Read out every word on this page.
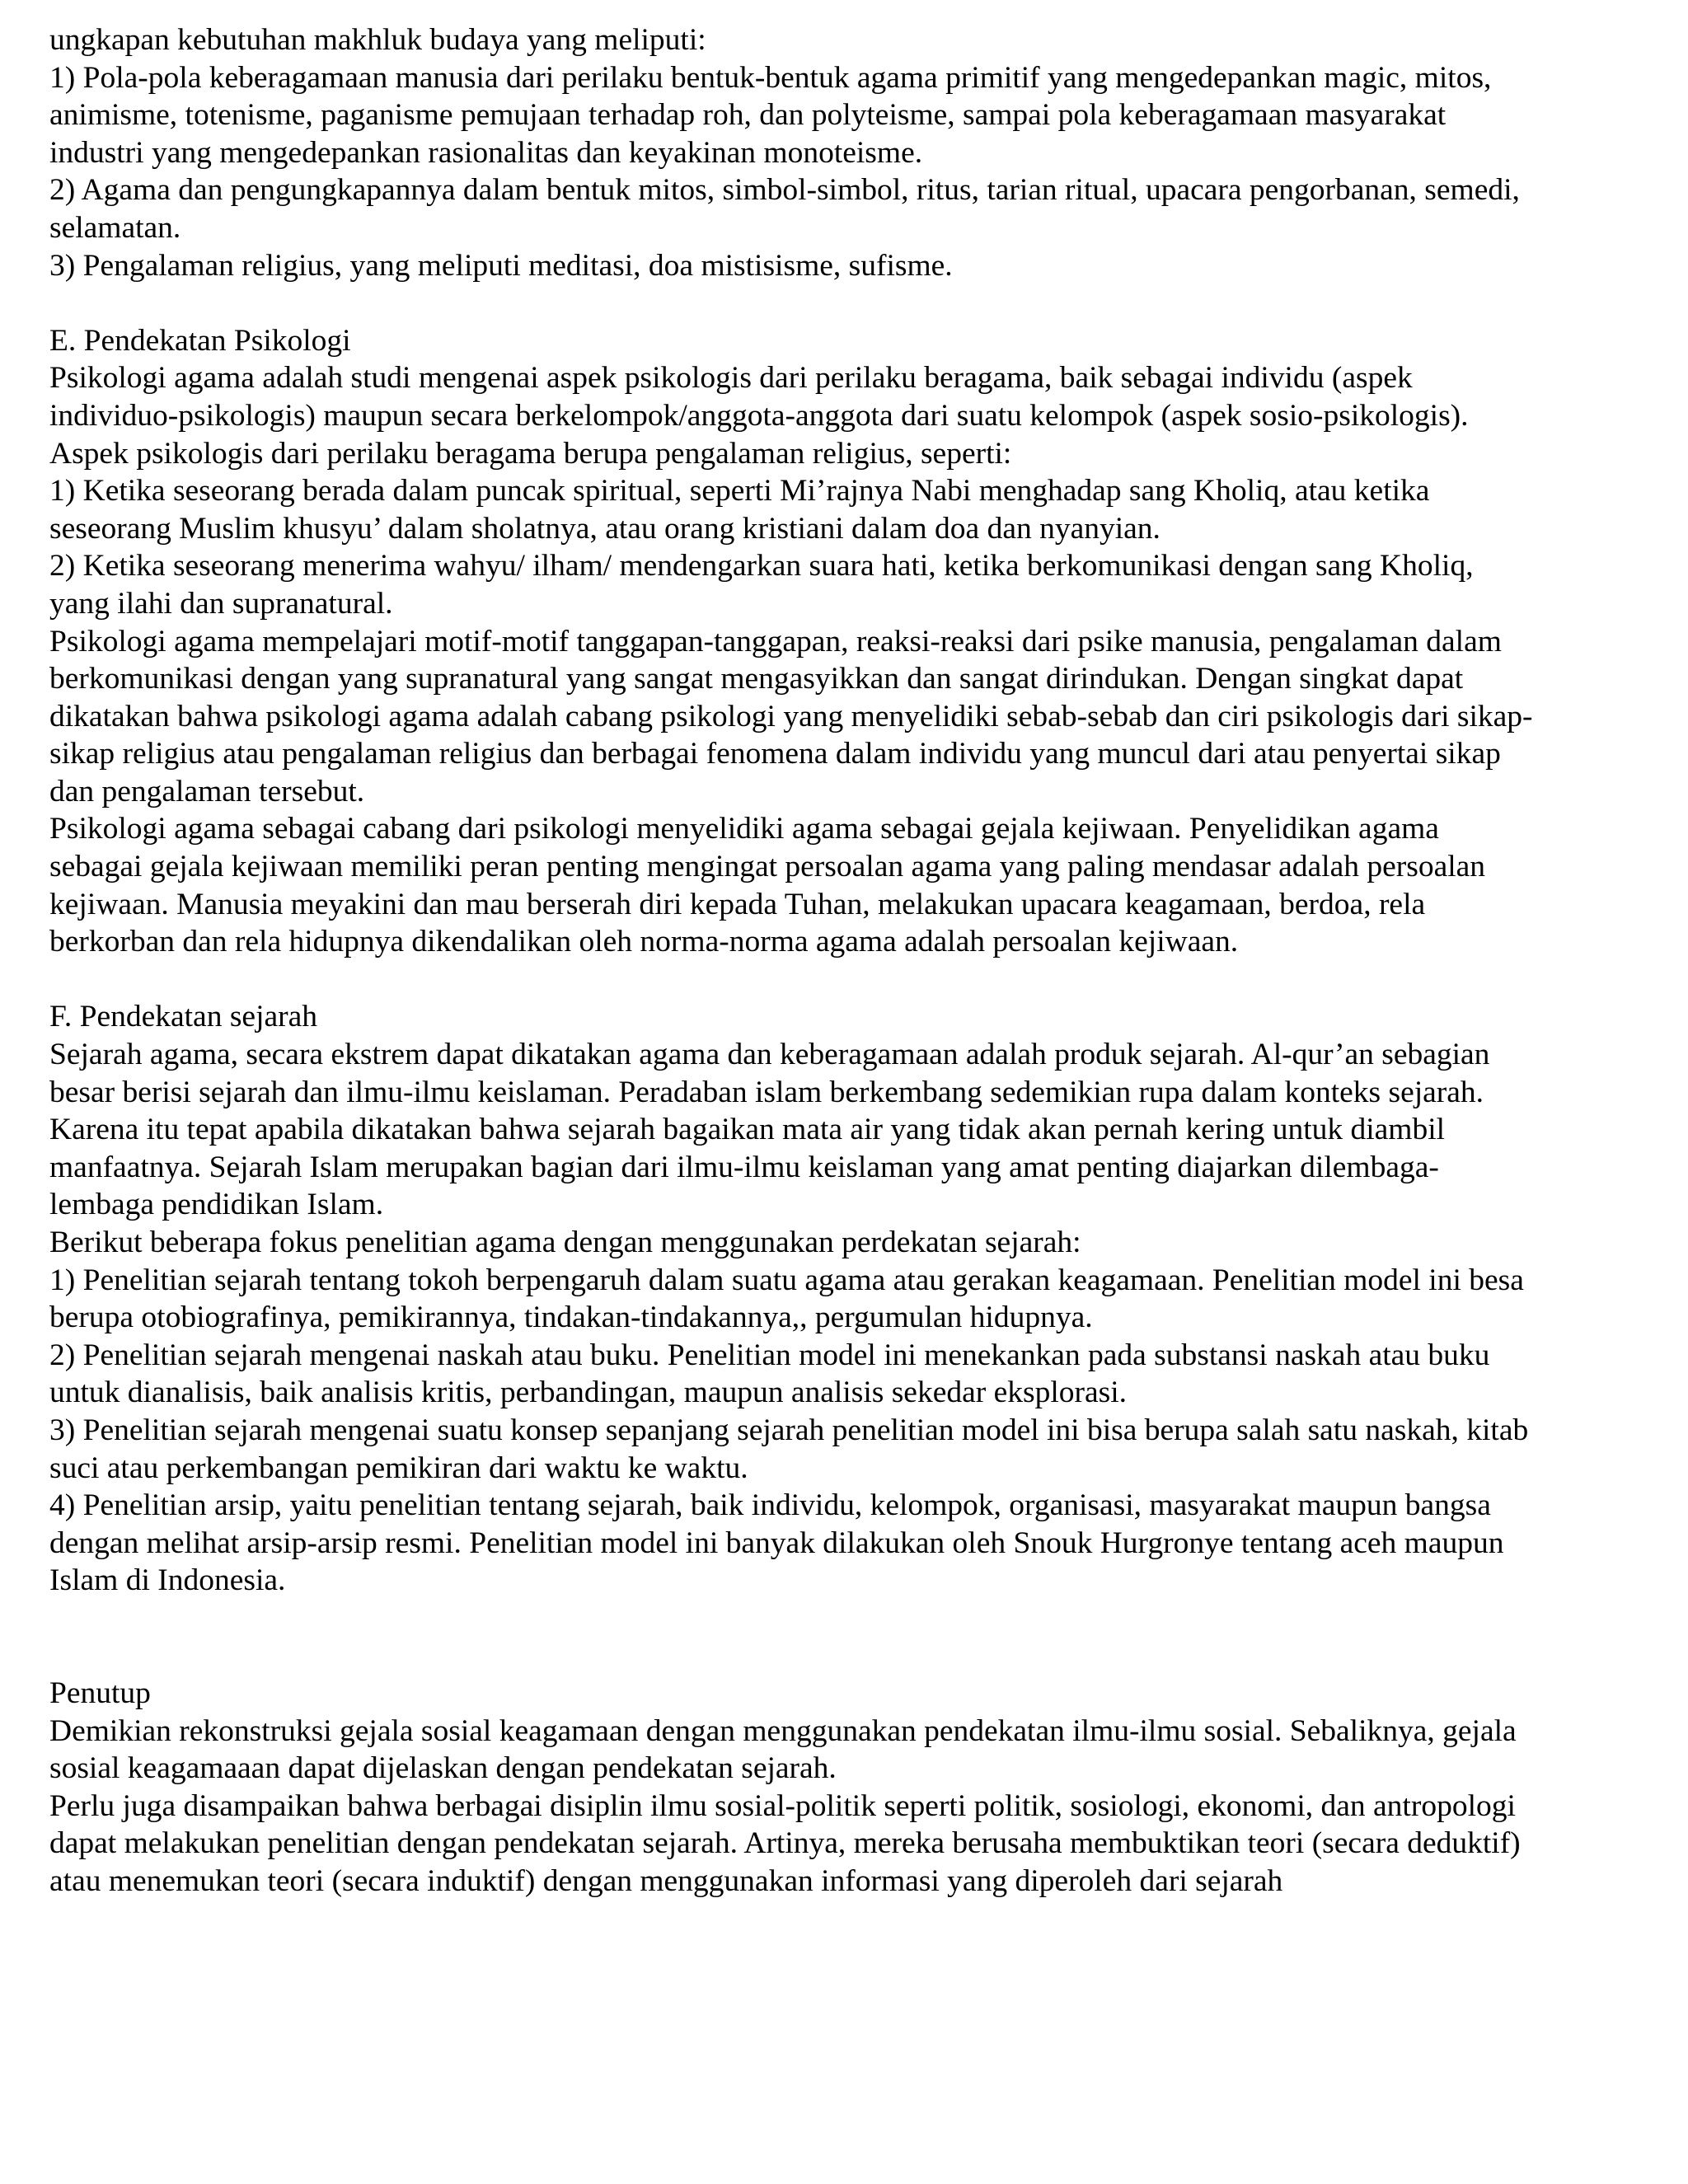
ungkapan kebutuhan makhluk budaya yang meliputi:
1) Pola-pola keberagamaan manusia dari perilaku bentuk-bentuk agama primitif yang mengedepankan magic, mitos,
animisme, totenisme, paganisme pemujaan terhadap roh, dan polyteisme, sampai pola keberagamaan masyarakat
industri yang mengedepankan rasionalitas dan keyakinan monoteisme.
2) Agama dan pengungkapannya dalam bentuk mitos, simbol-simbol, ritus, tarian ritual, upacara pengorbanan, semedi,
selamatan.
3) Pengalaman religius, yang meliputi meditasi, doa mistisisme, sufisme.
E. Pendekatan Psikologi
Psikologi agama adalah studi mengenai aspek psikologis dari perilaku beragama, baik sebagai individu (aspek
individuo-psikologis) maupun secara berkelompok/anggota-anggota dari suatu kelompok (aspek sosio-psikologis).
Aspek psikologis dari perilaku beragama berupa pengalaman religius, seperti:
1) Ketika seseorang berada dalam puncak spiritual, seperti Mi’rajnya Nabi menghadap sang Kholiq, atau ketika
seseorang Muslim khusyu’ dalam sholatnya, atau orang kristiani dalam doa dan nyanyian.
2) Ketika seseorang menerima wahyu/ ilham/ mendengarkan suara hati, ketika berkomunikasi dengan sang Kholiq,
yang ilahi dan supranatural.
Psikologi agama mempelajari motif-motif tanggapan-tanggapan, reaksi-reaksi dari psike manusia, pengalaman dalam
berkomunikasi dengan yang supranatural yang sangat mengasyikkan dan sangat dirindukan. Dengan singkat dapat
dikatakan bahwa psikologi agama adalah cabang psikologi yang menyelidiki sebab-sebab dan ciri psikologis dari sikap-
sikap religius atau pengalaman religius dan berbagai fenomena dalam individu yang muncul dari atau penyertai sikap
dan pengalaman tersebut.
Psikologi agama sebagai cabang dari psikologi menyelidiki agama sebagai gejala kejiwaan. Penyelidikan agama
sebagai gejala kejiwaan memiliki peran penting mengingat persoalan agama yang paling mendasar adalah persoalan
kejiwaan. Manusia meyakini dan mau berserah diri kepada Tuhan, melakukan upacara keagamaan, berdoa, rela
berkorban dan rela hidupnya dikendalikan oleh norma-norma agama adalah persoalan kejiwaan.
F. Pendekatan sejarah
Sejarah agama, secara ekstrem dapat dikatakan agama dan keberagamaan adalah produk sejarah. Al-qur’an sebagian
besar berisi sejarah dan ilmu-ilmu keislaman. Peradaban islam berkembang sedemikian rupa dalam konteks sejarah.
Karena itu tepat apabila dikatakan bahwa sejarah bagaikan mata air yang tidak akan pernah kering untuk diambil
manfaatnya. Sejarah Islam merupakan bagian dari ilmu-ilmu keislaman yang amat penting diajarkan dilembaga-
lembaga pendidikan Islam.
Berikut beberapa fokus penelitian agama dengan menggunakan perdekatan sejarah:
1) Penelitian sejarah tentang tokoh berpengaruh dalam suatu agama atau gerakan keagamaan. Penelitian model ini besa
berupa otobiografinya, pemikirannya, tindakan-tindakannya,, pergumulan hidupnya.
2) Penelitian sejarah mengenai naskah atau buku. Penelitian model ini menekankan pada substansi naskah atau buku
untuk dianalisis, baik analisis kritis, perbandingan, maupun analisis sekedar eksplorasi.
3) Penelitian sejarah mengenai suatu konsep sepanjang sejarah penelitian model ini bisa berupa salah satu naskah, kitab
suci atau perkembangan pemikiran dari waktu ke waktu.
4) Penelitian arsip, yaitu penelitian tentang sejarah, baik individu, kelompok, organisasi, masyarakat maupun bangsa
dengan melihat arsip-arsip resmi. Penelitian model ini banyak dilakukan oleh Snouk Hurgronye tentang aceh maupun
Islam di Indonesia.
Penutup
Demikian rekonstruksi gejala sosial keagamaan dengan menggunakan pendekatan ilmu-ilmu sosial. Sebaliknya, gejala
sosial keagamaaan dapat dijelaskan dengan pendekatan sejarah.
Perlu juga disampaikan bahwa berbagai disiplin ilmu sosial-politik seperti politik, sosiologi, ekonomi, dan antropologi
dapat melakukan penelitian dengan pendekatan sejarah. Artinya, mereka berusaha membuktikan teori (secara deduktif)
atau menemukan teori (secara induktif) dengan menggunakan informasi yang diperoleh dari sejarah
